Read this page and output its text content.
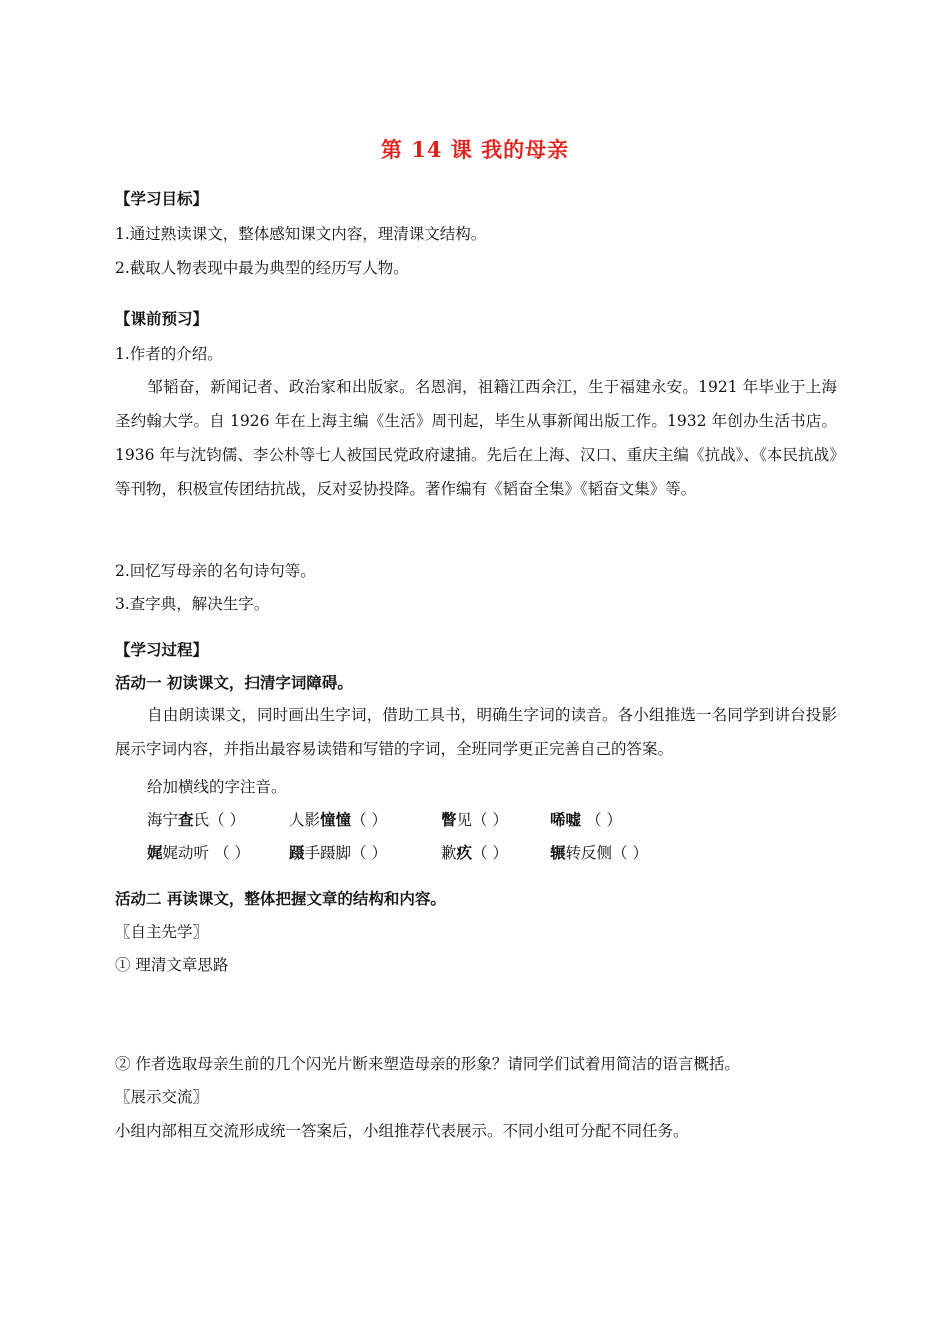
第 14 课 我的母亲
【学习目标】
1.通过熟读课文，整体感知课文内容，理清课文结构。
2.截取人物表现中最为典型的经历写人物。
【课前预习】
1.作者的介绍。
邹韬奋，新闻记者、政治家和出版家。名恩润，祖籍江西余江，生于福建永安。1921 年毕业于上海圣约翰大学。自 1926 年在上海主编《生活》周刊起，毕生从事新闻出版工作。1932 年创办生活书店。1936 年与沈钧儒、李公朴等七人被国民党政府逮捕。先后在上海、汉口、重庆主编《抗战》、《本民抗战》等刊物，积极宣传团结抗战，反对妥协投降。著作编有《韬奋全集》《韬奋文集》等。
2.回忆写母亲的名句诗句等。
3.查字典，解决生字。
【学习过程】
活动一 初读课文，扫清字词障碍。
自由朗读课文，同时画出生字词，借助工具书，明确生字词的读音。各小组推选一名同学到讲台投影展示字词内容，并指出最容易读错和写错的字词，全班同学更正完善自己的答案。
给加横线的字注音。
海宁查氏（ ）	人影憧憧（ ）	瞥见（ ）	唏嘘 （ ）
娓娓动听 （ ）	蹑手蹑脚（ ）	歉疚（ ）	辗转反侧（ ）
活动二 再读课文，整体把握文章的结构和内容。
〖自主先学〗
① 理清文章思路
② 作者选取母亲生前的几个闪光片断来塑造母亲的形象？请同学们试着用简洁的语言概括。
〖展示交流〗
小组内部相互交流形成统一答案后，小组推荐代表展示。不同小组可分配不同任务。
